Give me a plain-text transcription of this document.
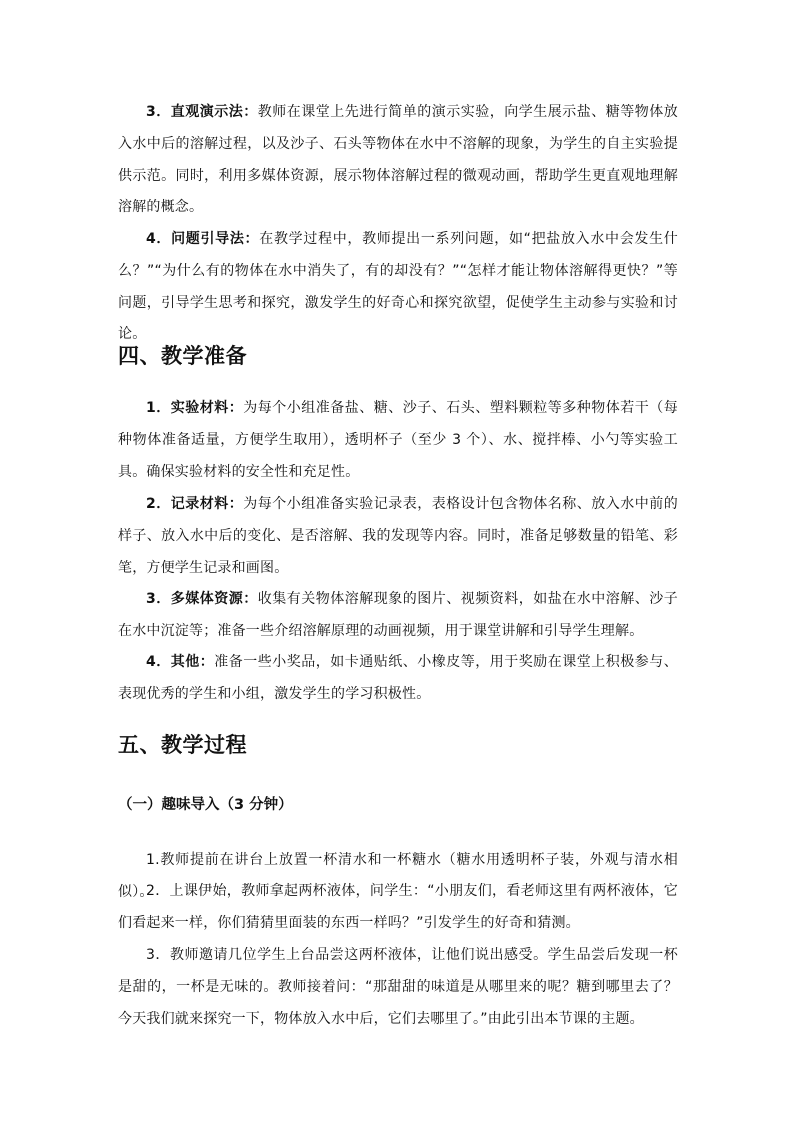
3．直观演示法：教师在课堂上先进行简单的演示实验，向学生展示盐、糖等物体放入水中后的溶解过程，以及沙子、石头等物体在水中不溶解的现象，为学生的自主实验提供示范。同时，利用多媒体资源，展示物体溶解过程的微观动画，帮助学生更直观地理解溶解的概念。

4．问题引导法：在教学过程中，教师提出一系列问题，如“把盐放入水中会发生什么？”“为什么有的物体在水中消失了，有的却没有？”“怎样才能让物体溶解得更快？”等问题，引导学生思考和探究，激发学生的好奇心和探究欲望，促使学生主动参与实验和讨论。

四、教学准备

1．实验材料：为每个小组准备盐、糖、沙子、石头、塑料颗粒等多种物体若干（每种物体准备适量，方便学生取用），透明杯子（至少 3 个）、水、搅拌棒、小勺等实验工具。确保实验材料的安全性和充足性。

2．记录材料：为每个小组准备实验记录表，表格设计包含物体名称、放入水中前的样子、放入水中后的变化、是否溶解、我的发现等内容。同时，准备足够数量的铅笔、彩笔，方便学生记录和画图。

3．多媒体资源：收集有关物体溶解现象的图片、视频资料，如盐在水中溶解、沙子在水中沉淀等；准备一些介绍溶解原理的动画视频，用于课堂讲解和引导学生理解。

4．其他：准备一些小奖品，如卡通贴纸、小橡皮等，用于奖励在课堂上积极参与、表现优秀的学生和小组，激发学生的学习积极性。

五、教学过程
（一）趣味导入（3 分钟）

1.教师提前在讲台上放置一杯清水和一杯糖水（糖水用透明杯子装，外观与清水相似）。

2．上课伊始，教师拿起两杯液体，问学生：“小朋友们，看老师这里有两杯液体，它们看起来一样，你们猜猜里面装的东西一样吗？”引发学生的好奇和猜测。

3．教师邀请几位学生上台品尝这两杯液体，让他们说出感受。学生品尝后发现一杯是甜的，一杯是无味的。教师接着问：“那甜甜的味道是从哪里来的呢？糖到哪里去了？今天我们就来探究一下，物体放入水中后，它们去哪里了。”由此引出本节课的主题。
